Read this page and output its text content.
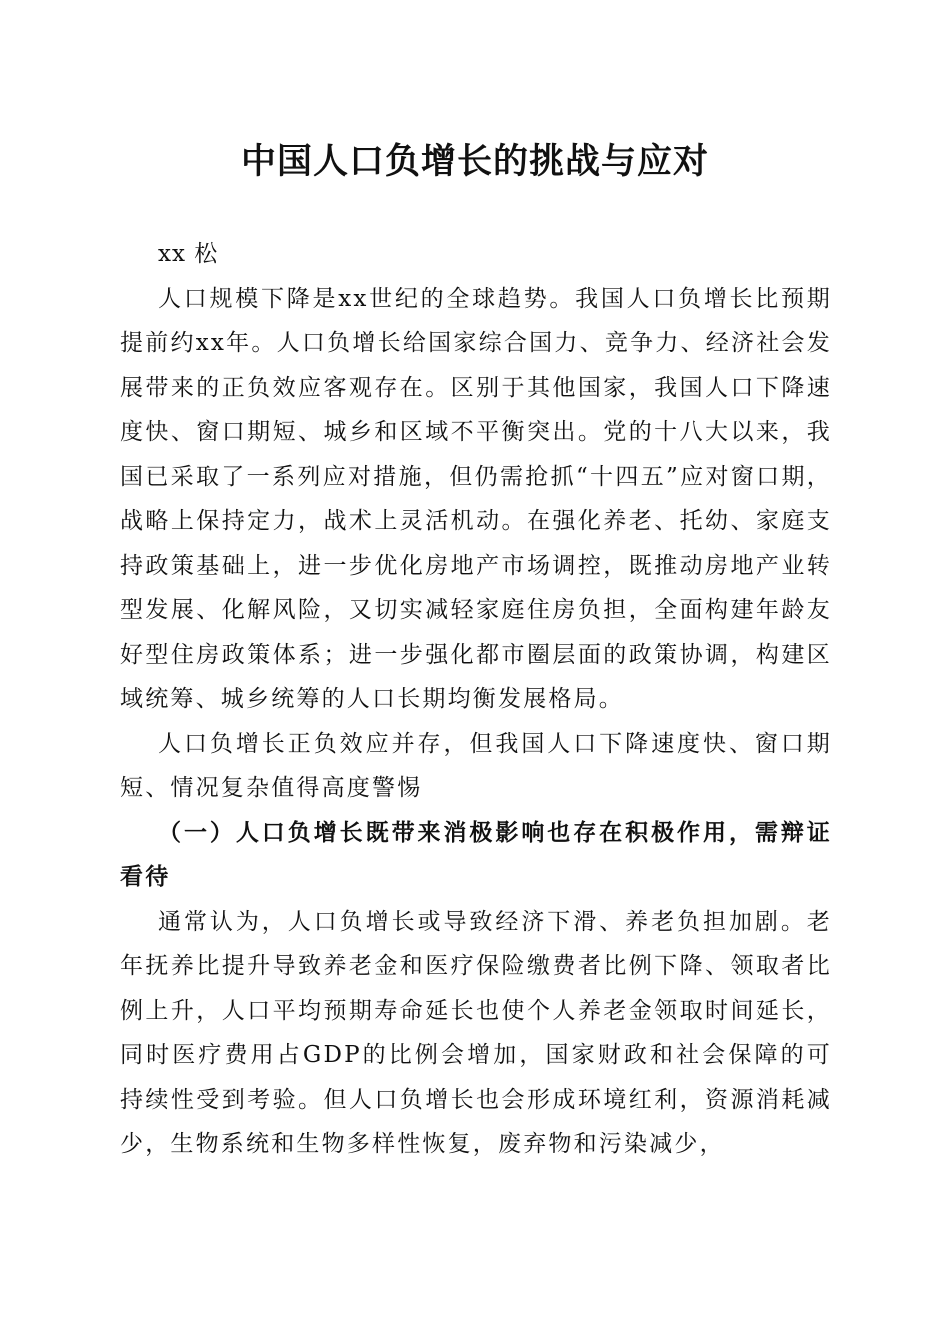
中国人口负增长的挑战与应对

xx 松

人口规模下降是xx世纪的全球趋势。我国人口负增长比预期提前约xx年。人口负增长给国家综合国力、竞争力、经济社会发展带来的正负效应客观存在。区别于其他国家，我国人口下降速度快、窗口期短、城乡和区域不平衡突出。党的十八大以来，我国已采取了一系列应对措施，但仍需抢抓“十四五”应对窗口期，战略上保持定力，战术上灵活机动。在强化养老、托幼、家庭支持政策基础上，进一步优化房地产市场调控，既推动房地产业转型发展、化解风险，又切实减轻家庭住房负担，全面构建年龄友好型住房政策体系；进一步强化都市圈层面的政策协调，构建区域统筹、城乡统筹的人口长期均衡发展格局。

人口负增长正负效应并存，但我国人口下降速度快、窗口期短、情况复杂值得高度警惕

（一）人口负增长既带来消极影响也存在积极作用，需辩证看待

通常认为，人口负增长或导致经济下滑、养老负担加剧。老年抚养比提升导致养老金和医疗保险缴费者比例下降、领取者比例上升，人口平均预期寿命延长也使个人养老金领取时间延长，同时医疗费用占GDP的比例会增加，国家财政和社会保障的可持续性受到考验。但人口负增长也会形成环境红利，资源消耗减少，生物系统和生物多样性恢复，废弃物和污染减少，
